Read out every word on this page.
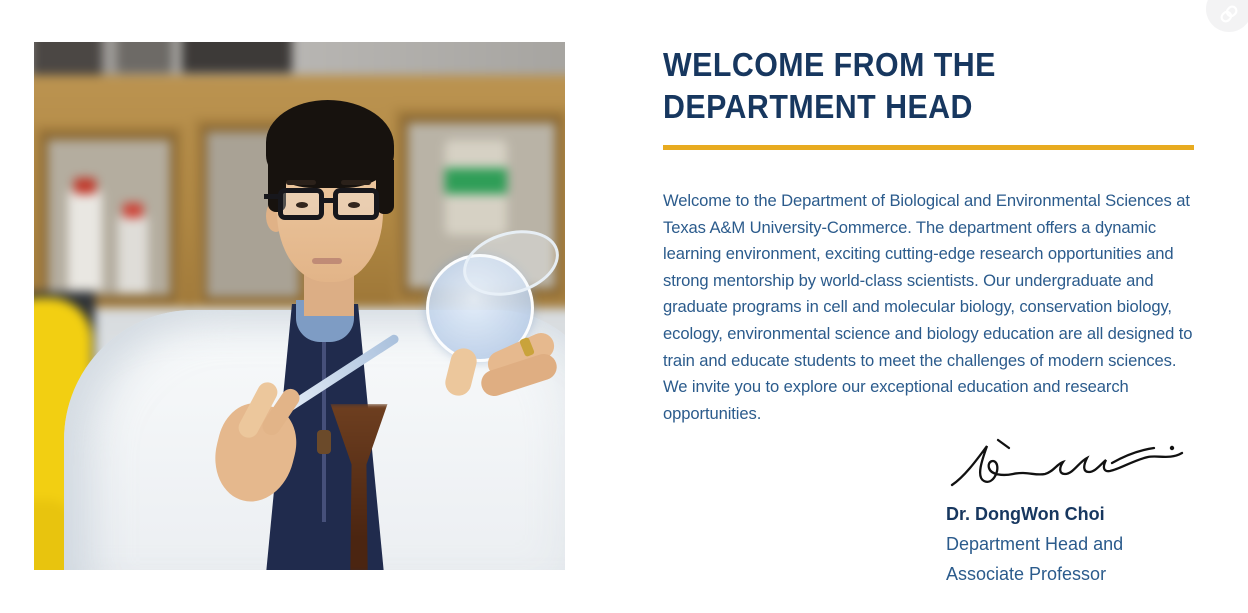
WELCOME FROM THE
DEPARTMENT HEAD

Welcome to the Department of Biological and Environmental Sciences at Texas A&M University-Commerce. The department offers a dynamic learning environment, exciting cutting-edge research opportunities and strong mentorship by world-class scientists. Our undergraduate and graduate programs in cell and molecular biology, conservation biology, ecology, environmental science and biology education are all designed to train and educate students to meet the challenges of modern sciences. We invite you to explore our exceptional education and research opportunities.

Dr. DongWon Choi
Department Head and
Associate Professor
